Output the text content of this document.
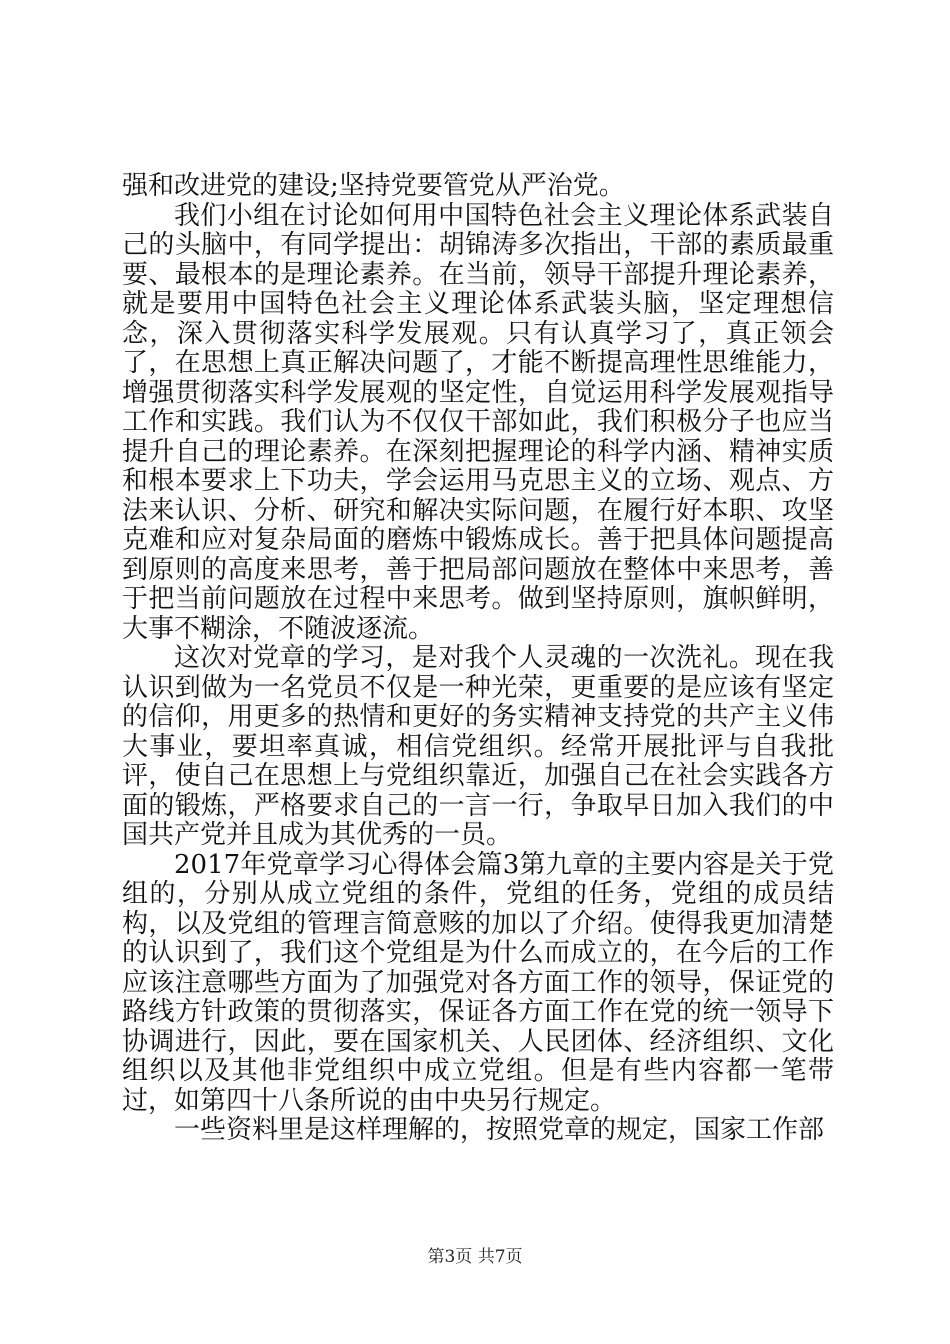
强和改进党的建设;坚持党要管党从严治党。

我们小组在讨论如何用中国特色社会主义理论体系武装自己的头脑中，有同学提出：胡锦涛多次指出，干部的素质最重要、最根本的是理论素养。在当前，领导干部提升理论素养，就是要用中国特色社会主义理论体系武装头脑，坚定理想信念，深入贯彻落实科学发展观。只有认真学习了，真正领会了，在思想上真正解决问题了，才能不断提高理性思维能力，增强贯彻落实科学发展观的坚定性，自觉运用科学发展观指导工作和实践。我们认为不仅仅干部如此，我们积极分子也应当提升自己的理论素养。在深刻把握理论的科学内涵、精神实质和根本要求上下功夫，学会运用马克思主义的立场、观点、方法来认识、分析、研究和解决实际问题，在履行好本职、攻坚克难和应对复杂局面的磨炼中锻炼成长。善于把具体问题提高到原则的高度来思考，善于把局部问题放在整体中来思考，善于把当前问题放在过程中来思考。做到坚持原则，旗帜鲜明，大事不糊涂，不随波逐流。

这次对党章的学习，是对我个人灵魂的一次洗礼。现在我认识到做为一名党员不仅是一种光荣，更重要的是应该有坚定的信仰，用更多的热情和更好的务实精神支持党的共产主义伟大事业，要坦率真诚，相信党组织。经常开展批评与自我批评，使自己在思想上与党组织靠近，加强自己在社会实践各方面的锻炼，严格要求自己的一言一行，争取早日加入我们的中国共产党并且成为其优秀的一员。

2017年党章学习心得体会篇3第九章的主要内容是关于党组的，分别从成立党组的条件，党组的任务，党组的成员结构，以及党组的管理言简意赅的加以了介绍。使得我更加清楚的认识到了，我们这个党组是为什么而成立的，在今后的工作应该注意哪些方面为了加强党对各方面工作的领导，保证党的路线方针政策的贯彻落实，保证各方面工作在党的统一领导下协调进行，因此，要在国家机关、人民团体、经济组织、文化组织以及其他非党组织中成立党组。但是有些内容都一笔带过，如第四十八条所说的由中央另行规定。

一些资料里是这样理解的，按照党章的规定，国家工作部

第3页 共7页
